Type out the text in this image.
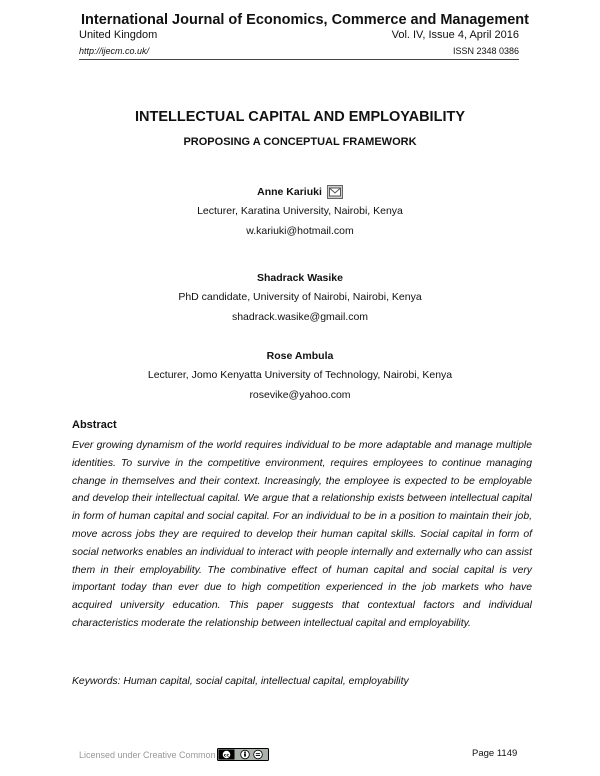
International Journal of Economics, Commerce and Management
United Kingdom	Vol. IV, Issue 4, April 2016
http://ijecm.co.uk/	ISSN 2348 0386
INTELLECTUAL CAPITAL AND EMPLOYABILITY
PROPOSING A CONCEPTUAL FRAMEWORK
Anne Kariuki
Lecturer, Karatina University, Nairobi, Kenya
w.kariuki@hotmail.com
Shadrack Wasike
PhD candidate, University of Nairobi, Nairobi, Kenya
shadrack.wasike@gmail.com
Rose Ambula
Lecturer, Jomo Kenyatta University of Technology, Nairobi, Kenya
rosevike@yahoo.com
Abstract
Ever growing dynamism of the world requires individual to be more adaptable and manage multiple identities. To survive in the competitive environment, requires employees to continue managing change in themselves and their context. Increasingly, the employee is expected to be employable and develop their intellectual capital. We argue that a relationship exists between intellectual capital in form of human capital and social capital. For an individual to be in a position to maintain their job, move across jobs they are required to develop their human capital skills. Social capital in form of social networks enables an individual to interact with people internally and externally who can assist them in their employability. The combinative effect of human capital and social capital is very important today than ever due to high competition experienced in the job markets who have acquired university education. This paper suggests that contextual factors and individual characteristics moderate the relationship between intellectual capital and employability.
Keywords: Human capital, social capital, intellectual capital, employability
Licensed under Creative Common cc	Page 1149
